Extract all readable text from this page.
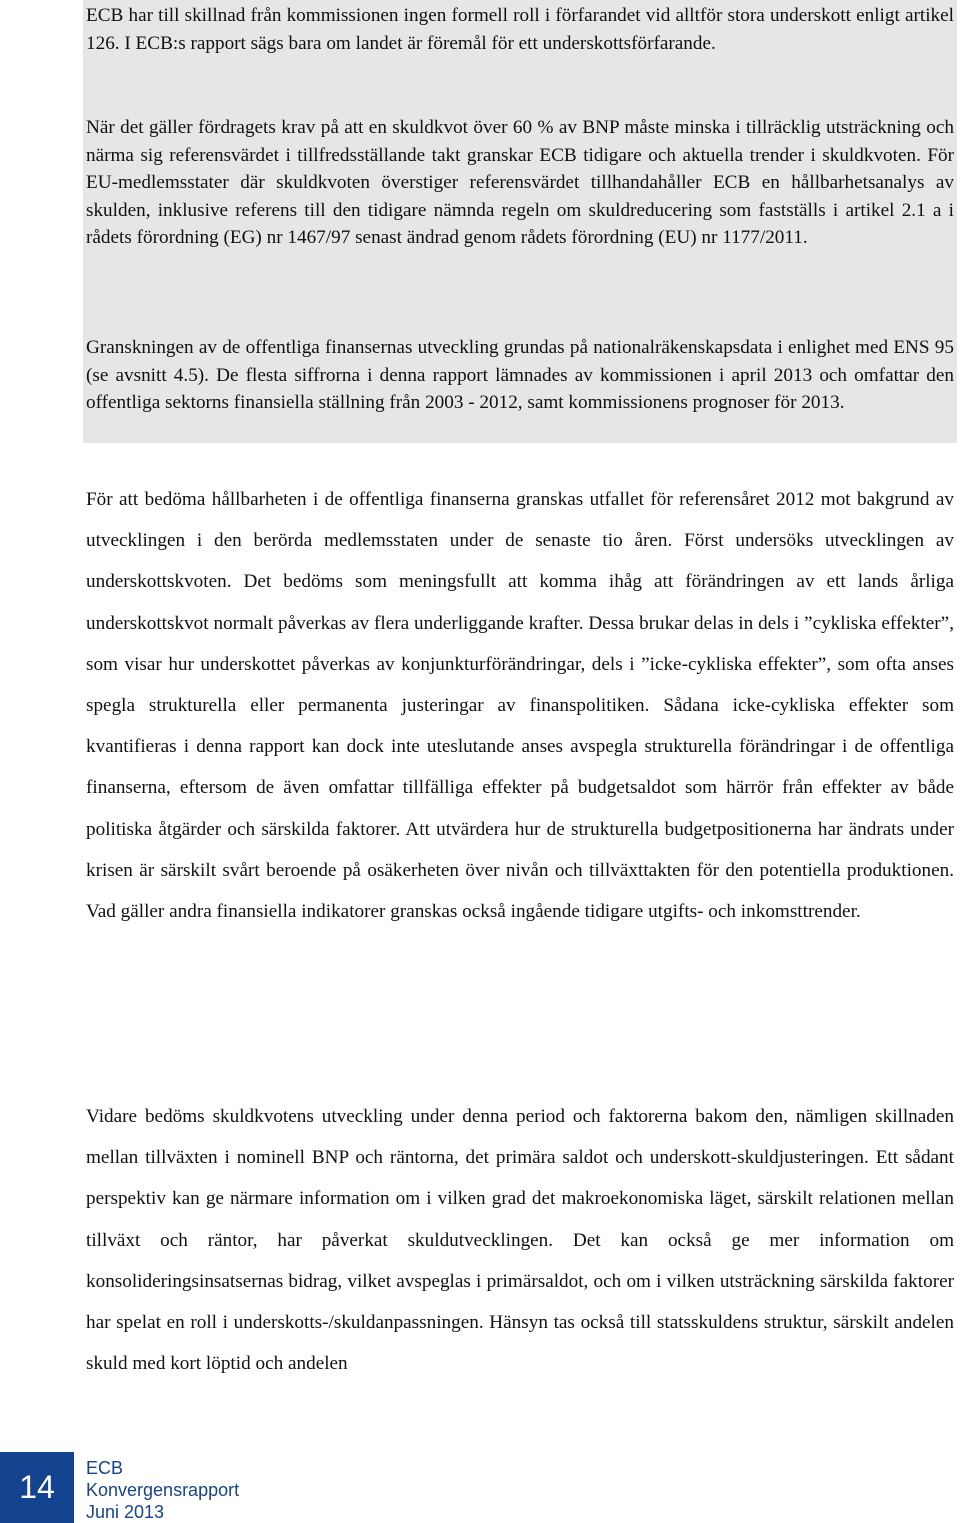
ECB har till skillnad från kommissionen ingen formell roll i förfarandet vid alltför stora underskott enligt artikel 126. I ECB:s rapport sägs bara om landet är föremål för ett underskottsförfarande.

När det gäller fördragets krav på att en skuldkvot över 60 % av BNP måste minska i tillräcklig utsträckning och närma sig referensvärdet i tillfredsställande takt granskar ECB tidigare och aktuella trender i skuldkvoten. För EU-medlemsstater där skuldkvoten överstiger referensvärdet tillhandahåller ECB en hållbarhetsanalys av skulden, inklusive referens till den tidigare nämnda regeln om skuldreducering som fastställs i artikel 2.1 a i rådets förordning (EG) nr 1467/97 senast ändrad genom rådets förordning (EU) nr 1177/2011.

Granskningen av de offentliga finansernas utveckling grundas på nationalräkenskapsdata i enlighet med ENS 95 (se avsnitt 4.5). De flesta siffrorna i denna rapport lämnades av kommissionen i april 2013 och omfattar den offentliga sektorns finansiella ställning från 2003 - 2012, samt kommissionens prognoser för 2013.

För att bedöma hållbarheten i de offentliga finanserna granskas utfallet för referensåret 2012 mot bakgrund av utvecklingen i den berörda medlemsstaten under de senaste tio åren. Först undersöks utvecklingen av underskottskvoten. Det bedöms som meningsfullt att komma ihåg att förändringen av ett lands årliga underskottskvot normalt påverkas av flera underliggande krafter. Dessa brukar delas in dels i ”cykliska effekter”, som visar hur underskottet påverkas av konjunkturförändringar, dels i ”icke-cykliska effekter”, som ofta anses spegla strukturella eller permanenta justeringar av finanspolitiken. Sådana icke-cykliska effekter som kvantifieras i denna rapport kan dock inte uteslutande anses avspegla strukturella förändringar i de offentliga finanserna, eftersom de även omfattar tillfälliga effekter på budgetsaldot som härrör från effekter av både politiska åtgärder och särskilda faktorer. Att utvärdera hur de strukturella budgetpositionerna har ändrats under krisen är särskilt svårt beroende på osäkerheten över nivån och tillväxttakten för den potentiella produktionen. Vad gäller andra finansiella indikatorer granskas också ingående tidigare utgifts- och inkomsttrender.

Vidare bedöms skuldkvotens utveckling under denna period och faktorerna bakom den, nämligen skillnaden mellan tillväxten i nominell BNP och räntorna, det primära saldot och underskott-skuldjusteringen. Ett sådant perspektiv kan ge närmare information om i vilken grad det makroekonomiska läget, särskilt relationen mellan tillväxt och räntor, har påverkat skuldutvecklingen. Det kan också ge mer information om konsolideringsinsatsernas bidrag, vilket avspeglas i primärsaldot, och om i vilken utsträckning särskilda faktorer har spelat en roll i underskotts-/skuldanpassningen. Hänsyn tas också till statsskuldens struktur, särskilt andelen skuld med kort löptid och andelen

14
ECB
Konvergensrapport
Juni 2013
